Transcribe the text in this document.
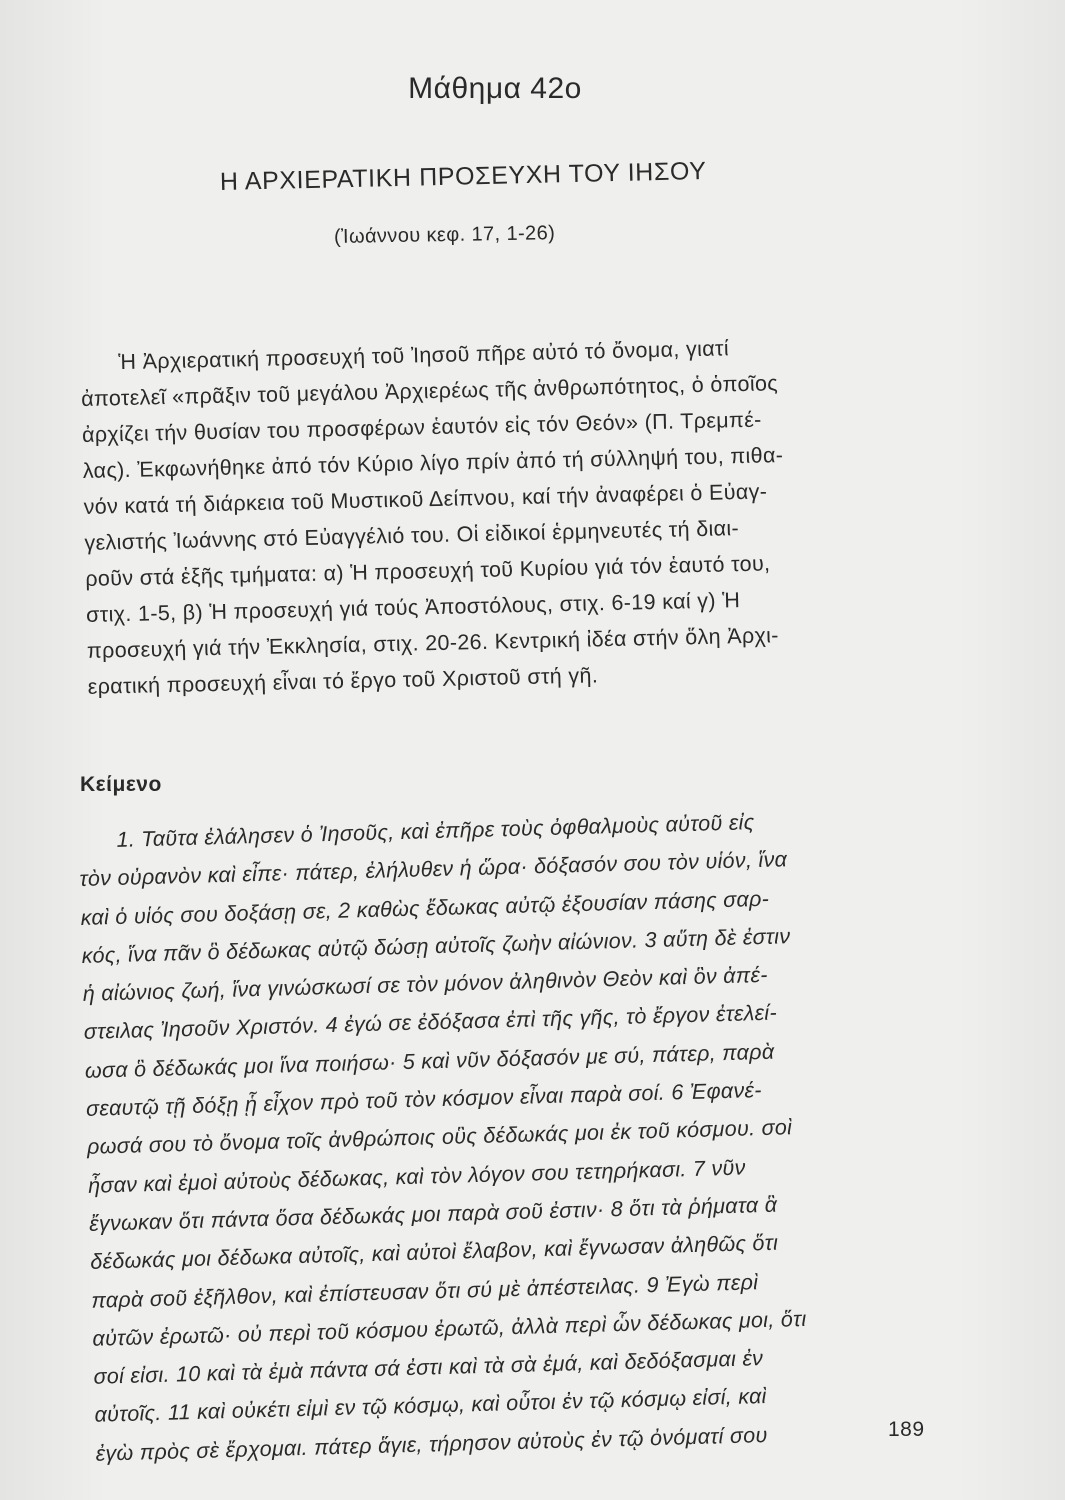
Μάθημα 42ο
Η ΑΡΧΙΕΡΑΤΙΚΗ ΠΡΟΣΕΥΧΗ ΤΟΥ ΙΗΣΟΥ
(Ἰωάννου κεφ. 17, 1-26)
Ἡ Ἀρχιερατική προσευχή τοῦ Ἰησοῦ πῆρε αὐτό τό ὄνομα, γιατί
ἀποτελεῖ «πρᾶξιν τοῦ μεγάλου Ἀρχιερέως τῆς ἀνθρωπότητος, ὁ ὁποῖος
ἀρχίζει τήν θυσίαν του προσφέρων ἑαυτόν εἰς τόν Θεόν» (Π. Τρεμπέ-
λας). Ἐκφωνήθηκε ἀπό τόν Κύριο λίγο πρίν ἀπό τή σύλληψή του, πιθα-
νόν κατά τή διάρκεια τοῦ Μυστικοῦ Δείπνου, καί τήν ἀναφέρει ὁ Εὐαγ-
γελιστής Ἰωάννης στό Εὐαγγέλιό του. Οἱ εἰδικοί ἑρμηνευτές τή διαι-
ροῦν στά ἑξῆς τμήματα: α) Ἡ προσευχή τοῦ Κυρίου γιά τόν ἑαυτό του,
στιχ. 1-5, β) Ἡ προσευχή γιά τούς Ἀποστόλους, στιχ. 6-19 καί γ) Ἡ
προσευχή γιά τήν Ἐκκλησία, στιχ. 20-26. Κεντρική ἰδέα στήν ὅλη Ἀρχι-
ερατική προσευχή εἶναι τό ἔργο τοῦ Χριστοῦ στή γῆ.
Κείμενο
1. Ταῦτα ἐλάλησεν ὁ Ἰησοῦς, καὶ ἐπῆρε τοὺς ὀφθαλμοὺς αὐτοῦ εἰς
τὸν οὐρανὸν καὶ εἶπε· πάτερ, ἐλήλυθεν ἡ ὥρα· δόξασόν σου τὸν υἱόν, ἵνα
καὶ ὁ υἱός σου δοξάσῃ σε, 2 καθὼς ἔδωκας αὐτῷ ἐξουσίαν πάσης σαρ-
κός, ἵνα πᾶν ὃ δέδωκας αὐτῷ δώσῃ αὐτοῖς ζωὴν αἰώνιον. 3 αὕτη δὲ ἐστιν
ἡ αἰώνιος ζωή, ἵνα γινώσκωσί σε τὸν μόνον ἀληθινὸν Θεὸν καὶ ὃν ἀπέ-
στειλας Ἰησοῦν Χριστόν. 4 ἐγώ σε ἐδόξασα ἐπὶ τῆς γῆς, τὸ ἔργον ἐτελεί-
ωσα ὃ δέδωκάς μοι ἵνα ποιήσω· 5 καὶ νῦν δόξασόν με σύ, πάτερ, παρὰ
σεαυτῷ τῇ δόξῃ ᾗ εἶχον πρὸ τοῦ τὸν κόσμον εἶναι παρὰ σοί. 6 Ἐφανέ-
ρωσά σου τὸ ὄνομα τοῖς ἀνθρώποις οὓς δέδωκάς μοι ἐκ τοῦ κόσμου. σοὶ
ἦσαν καὶ ἐμοὶ αὐτοὺς δέδωκας, καὶ τὸν λόγον σου τετηρήκασι. 7 νῦν
ἔγνωκαν ὅτι πάντα ὅσα δέδωκάς μοι παρὰ σοῦ ἐστιν· 8 ὅτι τὰ ῥήματα ἃ
δέδωκάς μοι δέδωκα αὐτοῖς, καὶ αὐτοὶ ἔλαβον, καὶ ἔγνωσαν ἀληθῶς ὅτι
παρὰ σοῦ ἐξῆλθον, καὶ ἐπίστευσαν ὅτι σύ μὲ ἀπέστειλας. 9 Ἐγὼ περὶ
αὐτῶν ἐρωτῶ· οὐ περὶ τοῦ κόσμου ἐρωτῶ, ἀλλὰ περὶ ὧν δέδωκας μοι, ὅτι
σοί εἰσι. 10 καὶ τὰ ἐμὰ πάντα σά ἐστι καὶ τὰ σὰ ἐμά, καὶ δεδόξασμαι ἐν
αὐτοῖς. 11 καὶ οὐκέτι εἰμὶ εν τῷ κόσμῳ, καὶ οὗτοι ἐν τῷ κόσμῳ εἰσί, καὶ
ἐγὼ πρὸς σὲ ἔρχομαι. πάτερ ἅγιε, τήρησον αὐτοὺς ἐν τῷ ὀνόματί σου	189
